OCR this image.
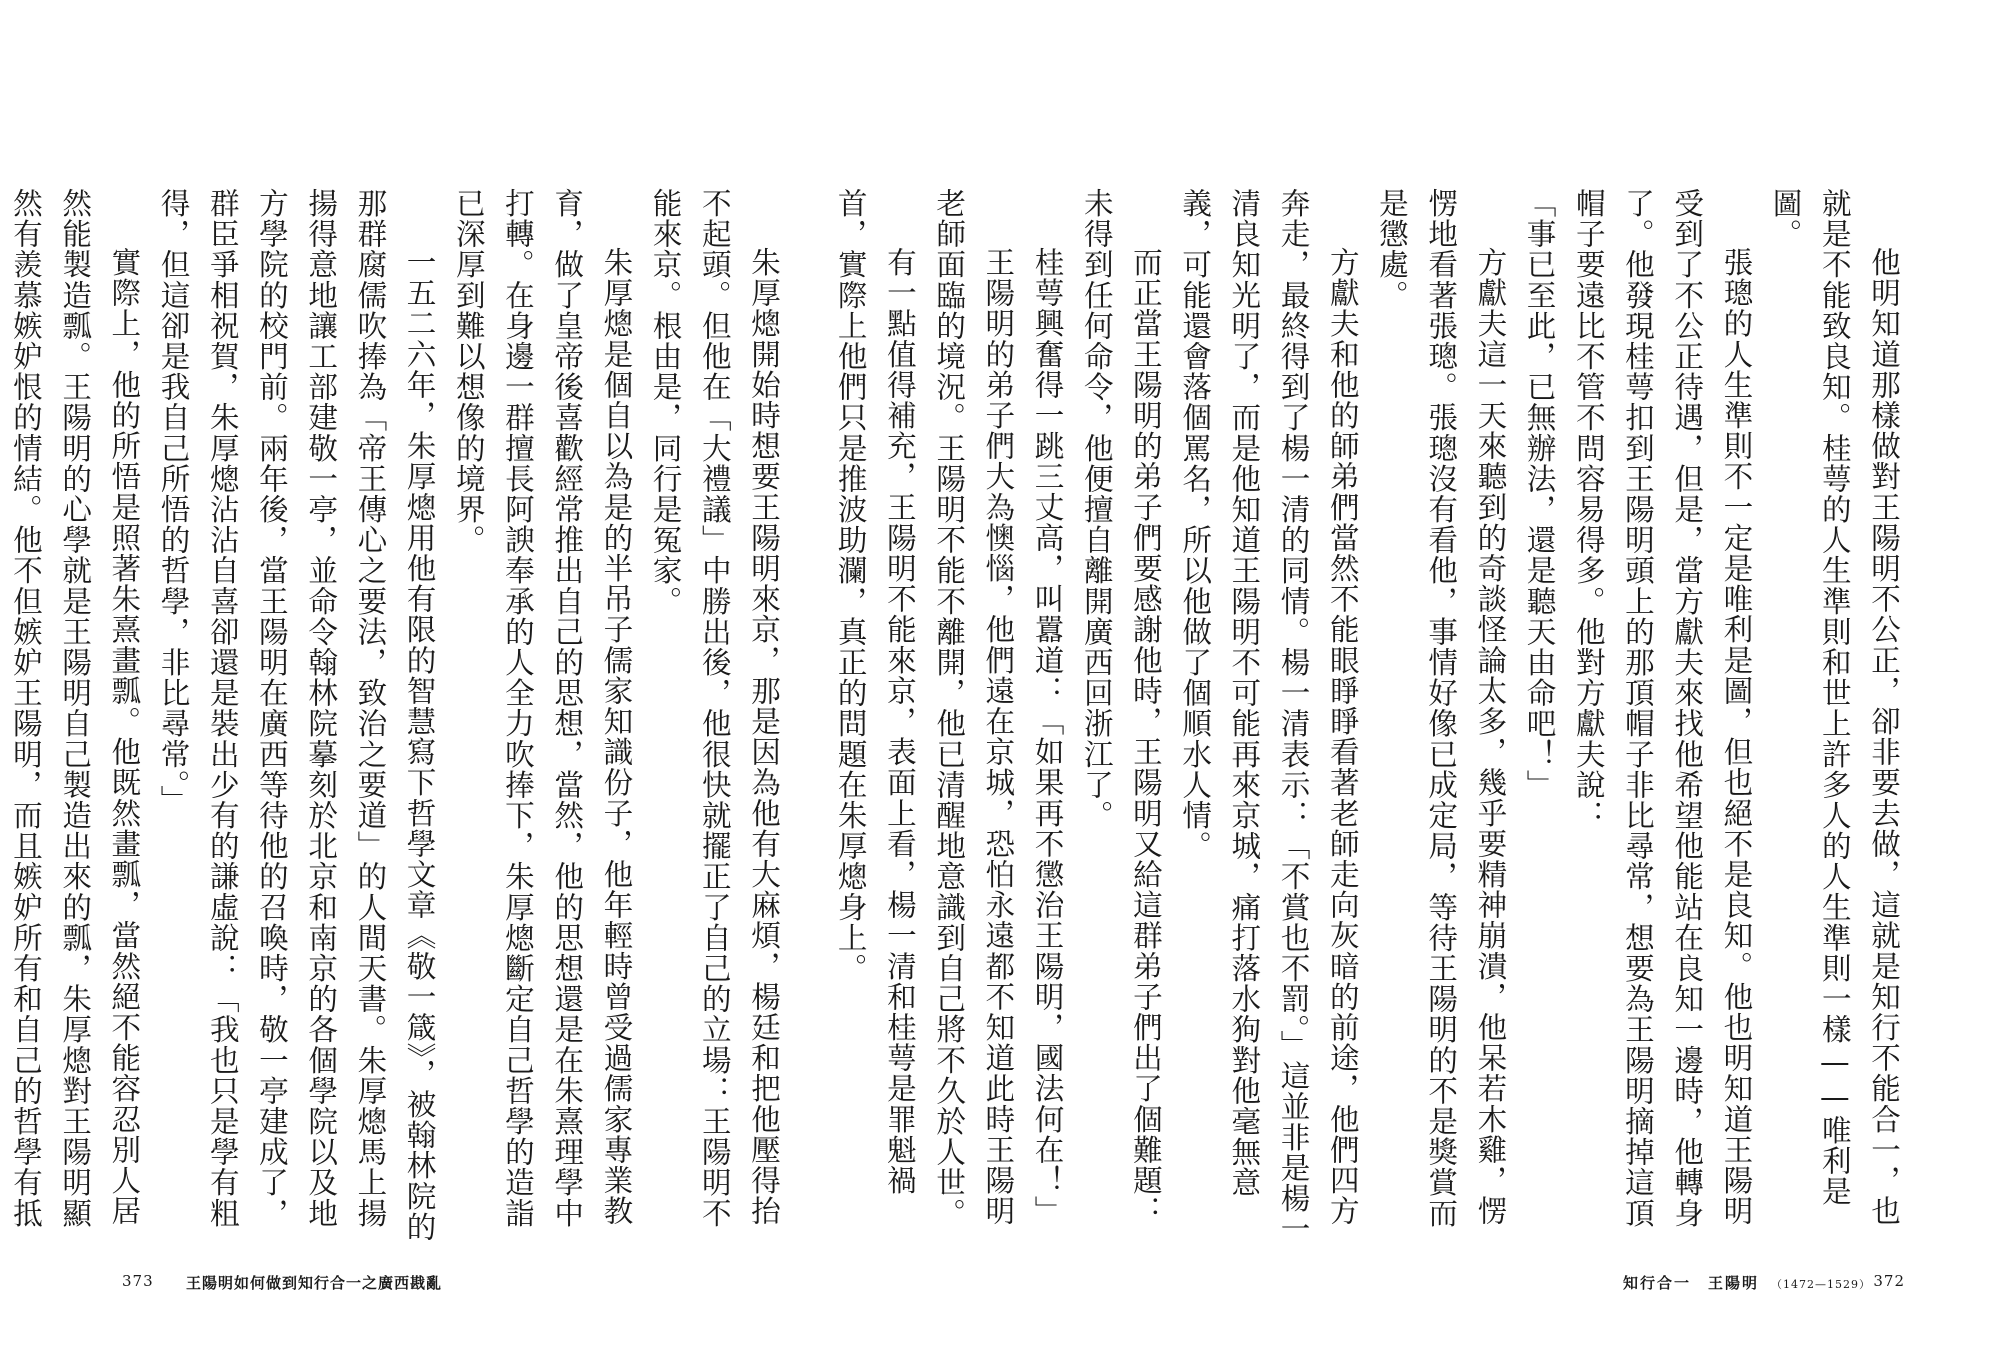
朱厚熜開始時想要王陽明來京，那是因為他有大麻煩，楊廷和把他壓得抬不起頭。但他在「大禮議」中勝出後，他很快就擺正了自己的立場：王陽明不能來京。根由是，同行是冤家。

朱厚熜是個自以為是的半吊子儒家知識份子，他年輕時曾受過儒家專業教育，做了皇帝後喜歡經常推出自己的思想，當然，他的思想還是在朱熹理學中打轉。在身邊一群擅長阿諛奉承的人全力吹捧下，朱厚熜斷定自己哲學的造詣已深厚到難以想像的境界。

一五二六年，朱厚熜用他有限的智慧寫下哲學文章《敬一箴》，被翰林院的那群腐儒吹捧為「帝王傳心之要法，致治之要道」的人間天書。朱厚熜馬上揚揚得意地讓工部建敬一亭，並命令翰林院摹刻於北京和南京的各個學院以及地方學院的校門前。兩年後，當王陽明在廣西等待他的召喚時，敬一亭建成了，群臣爭相祝賀，朱厚熜沾沾自喜卻還是裝出少有的謙虛說：「我也只是學有粗得，但這卻是我自己所悟的哲學，非比尋常。」

實際上，他的所悟是照著朱熹畫瓢。他既然畫瓢，當然絕不能容忍別人居然能製造瓢。王陽明的心學就是王陽明自己製造出來的瓢，朱厚熜對王陽明顯然有羨慕嫉妒恨的情結。他不但嫉妒王陽明，而且嫉妒所有和自己的哲學有抵

373 王陽明如何做到知行合一之廣西戡亂

他明知道那樣做對王陽明不公正，卻非要去做，這就是知行不能合一，也就是不能致良知。桂萼的人生準則和世上許多人的人生準則一樣——唯利是圖。

張璁的人生準則不一定是唯利是圖，但也絕不是良知。他也明知道王陽明受到了不公正待遇，但是，當方獻夫來找他希望他能站在良知一邊時，他轉身了。他發現桂萼扣到王陽明頭上的那頂帽子非比尋常，想要為王陽明摘掉這頂帽子要遠比不管不問容易得多。他對方獻夫說：

「事已至此，已無辦法，還是聽天由命吧！」

方獻夫這一天來聽到的奇談怪論太多，幾乎要精神崩潰，他呆若木雞，愣愣地看著張璁。張璁沒有看他，事情好像已成定局，等待王陽明的不是獎賞而是懲處。

方獻夫和他的師弟們當然不能眼睜睜看著老師走向灰暗的前途，他們四方奔走，最終得到了楊一清的同情。楊一清表示：「不賞也不罰。」這並非是楊一清良知光明了，而是他知道王陽明不可能再來京城，痛打落水狗對他毫無意義，可能還會落個罵名，所以他做了個順水人情。

而正當王陽明的弟子們要感謝他時，王陽明又給這群弟子們出了個難題：未得到任何命令，他便擅自離開廣西回浙江了。

桂萼興奮得一跳三丈高，叫囂道：「如果再不懲治王陽明，國法何在！」

王陽明的弟子們大為懊惱，他們遠在京城，恐怕永遠都不知道此時王陽明老師面臨的境況。王陽明不能不離開，他已清醒地意識到自己將不久於人世。

有一點值得補充，王陽明不能來京，表面上看，楊一清和桂萼是罪魁禍首，實際上他們只是推波助瀾，真正的問題在朱厚熜身上。

知行合一　王陽明 （1472—1529） 372
